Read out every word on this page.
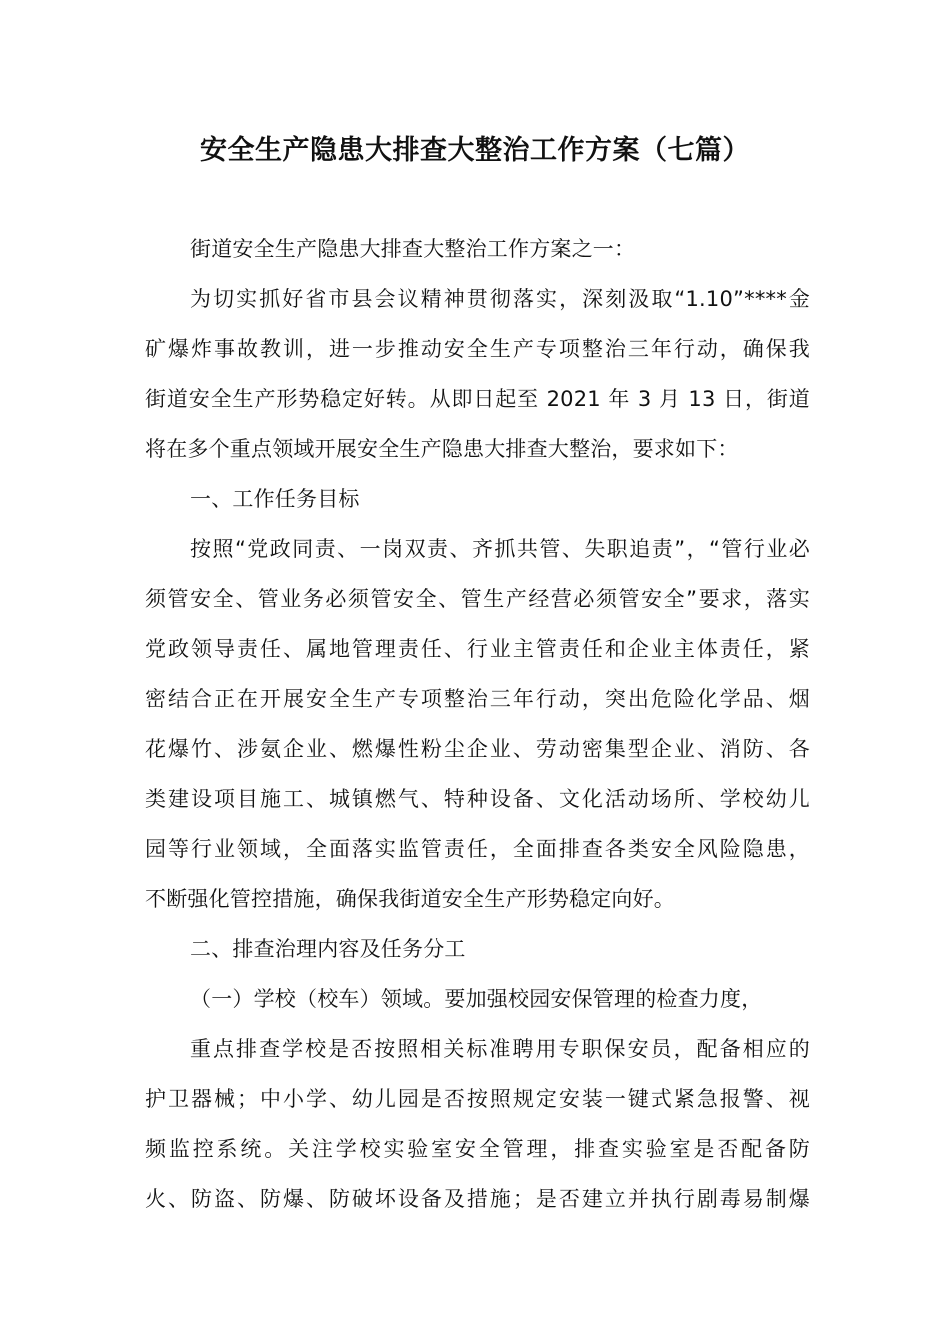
安全生产隐患大排查大整治工作方案（七篇）
街道安全生产隐患大排查大整治工作方案之一：
为切实抓好省市县会议精神贯彻落实，深刻汲取“1.10”****金
矿爆炸事故教训，进一步推动安全生产专项整治三年行动，确保我
街道安全生产形势稳定好转。从即日起至 2021 年 3 月 13 日，街道
将在多个重点领域开展安全生产隐患大排查大整治，要求如下：
一、工作任务目标
按照“党政同责、一岗双责、齐抓共管、失职追责”，“管行业必
须管安全、管业务必须管安全、管生产经营必须管安全”要求，落实
党政领导责任、属地管理责任、行业主管责任和企业主体责任，紧
密结合正在开展安全生产专项整治三年行动，突出危险化学品、烟
花爆竹、涉氨企业、燃爆性粉尘企业、劳动密集型企业、消防、各
类建设项目施工、城镇燃气、特种设备、文化活动场所、学校幼儿
园等行业领域，全面落实监管责任，全面排查各类安全风险隐患，
不断强化管控措施，确保我街道安全生产形势稳定向好。
二、排查治理内容及任务分工
（一）学校（校车）领域。要加强校园安保管理的检查力度，
重点排查学校是否按照相关标准聘用专职保安员，配备相应的
护卫器械；中小学、幼儿园是否按照规定安装一键式紧急报警、视
频监控系统。关注学校实验室安全管理，排查实验室是否配备防
火、防盗、防爆、防破坏设备及措施；是否建立并执行剧毒易制爆
